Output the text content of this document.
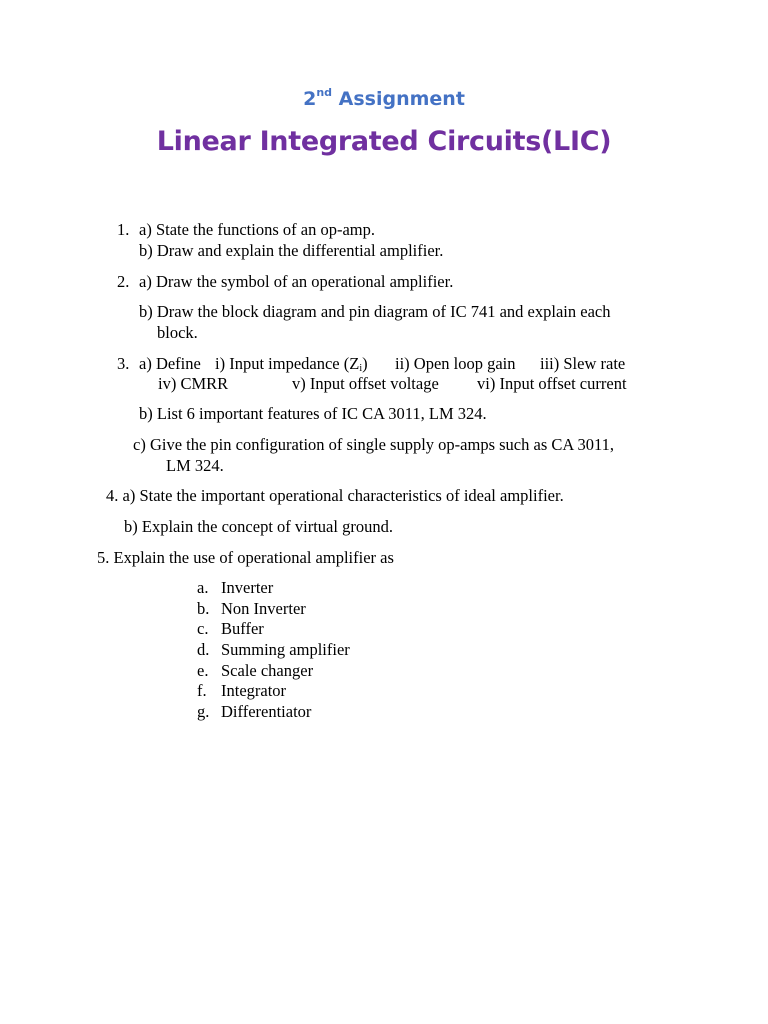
2nd Assignment
Linear Integrated Circuits(LIC)
1. a) State the functions of an op-amp.
b) Draw and explain the differential amplifier.
2. a) Draw the symbol of an operational amplifier.
b) Draw the block diagram and pin diagram of IC 741 and explain each
block.
3. a) Define i) Input impedance (Zi) ii) Open loop gain iii) Slew rate
iv) CMRR	v) Input offset voltage vi) Input offset current
b) List 6 important features of IC CA 3011, LM 324.
c) Give the pin configuration of single supply op-amps such as CA 3011,
LM 324.
4. a) State the important operational characteristics of ideal amplifier.
b) Explain the concept of virtual ground.
5. Explain the use of operational amplifier as
a. Inverter
b. Non Inverter
c. Buffer
d. Summing amplifier
e. Scale changer
f. Integrator
g. Differentiator
